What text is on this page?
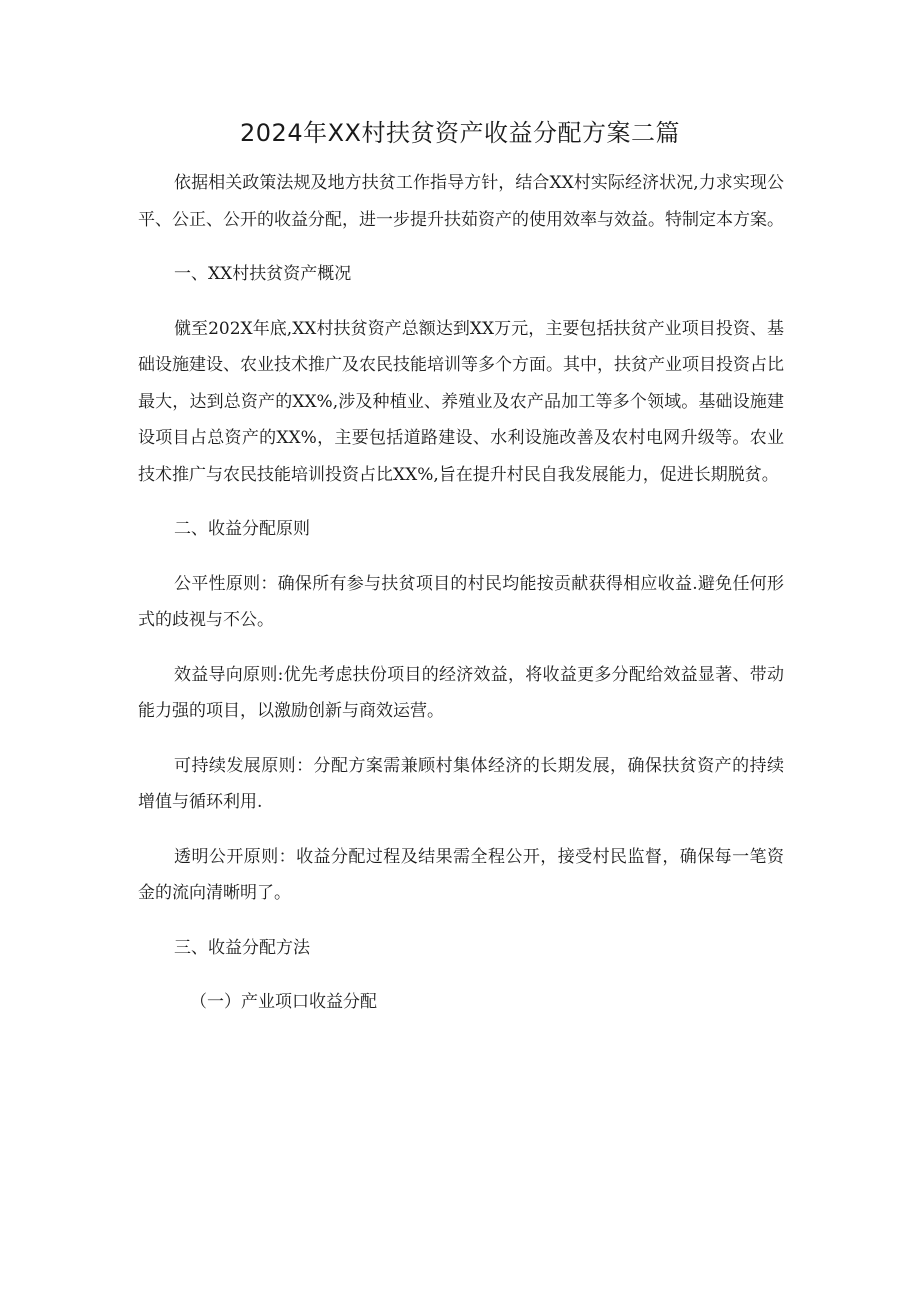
2024年XX村扶贫资产收益分配方案二篇

依据相关政策法规及地方扶贫工作指导方针，结合XX村实际经济状况,力求实现公平、公正、公开的收益分配，进一步提升扶茹资产的使用效率与效益。特制定本方案。

一、XX村扶贫资产概况

僦至202X年底,XX村扶贫资产总额达到XX万元，主要包括扶贫产业项目投资、基础设施建设、农业技术推广及农民技能培训等多个方面。其中，扶贫产业项目投资占比最大，达到总资产的XX%,涉及种植业、养殖业及农产品加工等多个领域。基础设施建设项目占总资产的XX%，主要包括道路建设、水利设施改善及农村电网升级等。农业技术推广与农民技能培训投资占比XX%,旨在提升村民自我发展能力，促进长期脱贫。

二、收益分配原则

公平性原则：确保所有参与扶贫项目的村民均能按贡献获得相应收益.避免任何形式的歧视与不公。

效益导向原则:优先考虑扶份项目的经济效益，将收益更多分配给效益显著、带动能力强的项目，以激励创新与商效运营。

可持续发展原则：分配方案需兼顾村集体经济的长期发展，确保扶贫资产的持续增值与循环利用.

透明公开原则：收益分配过程及结果需全程公开，接受村民监督，确保每一笔资金的流向清晰明了。

三、收益分配方法

（一）产业项口收益分配
